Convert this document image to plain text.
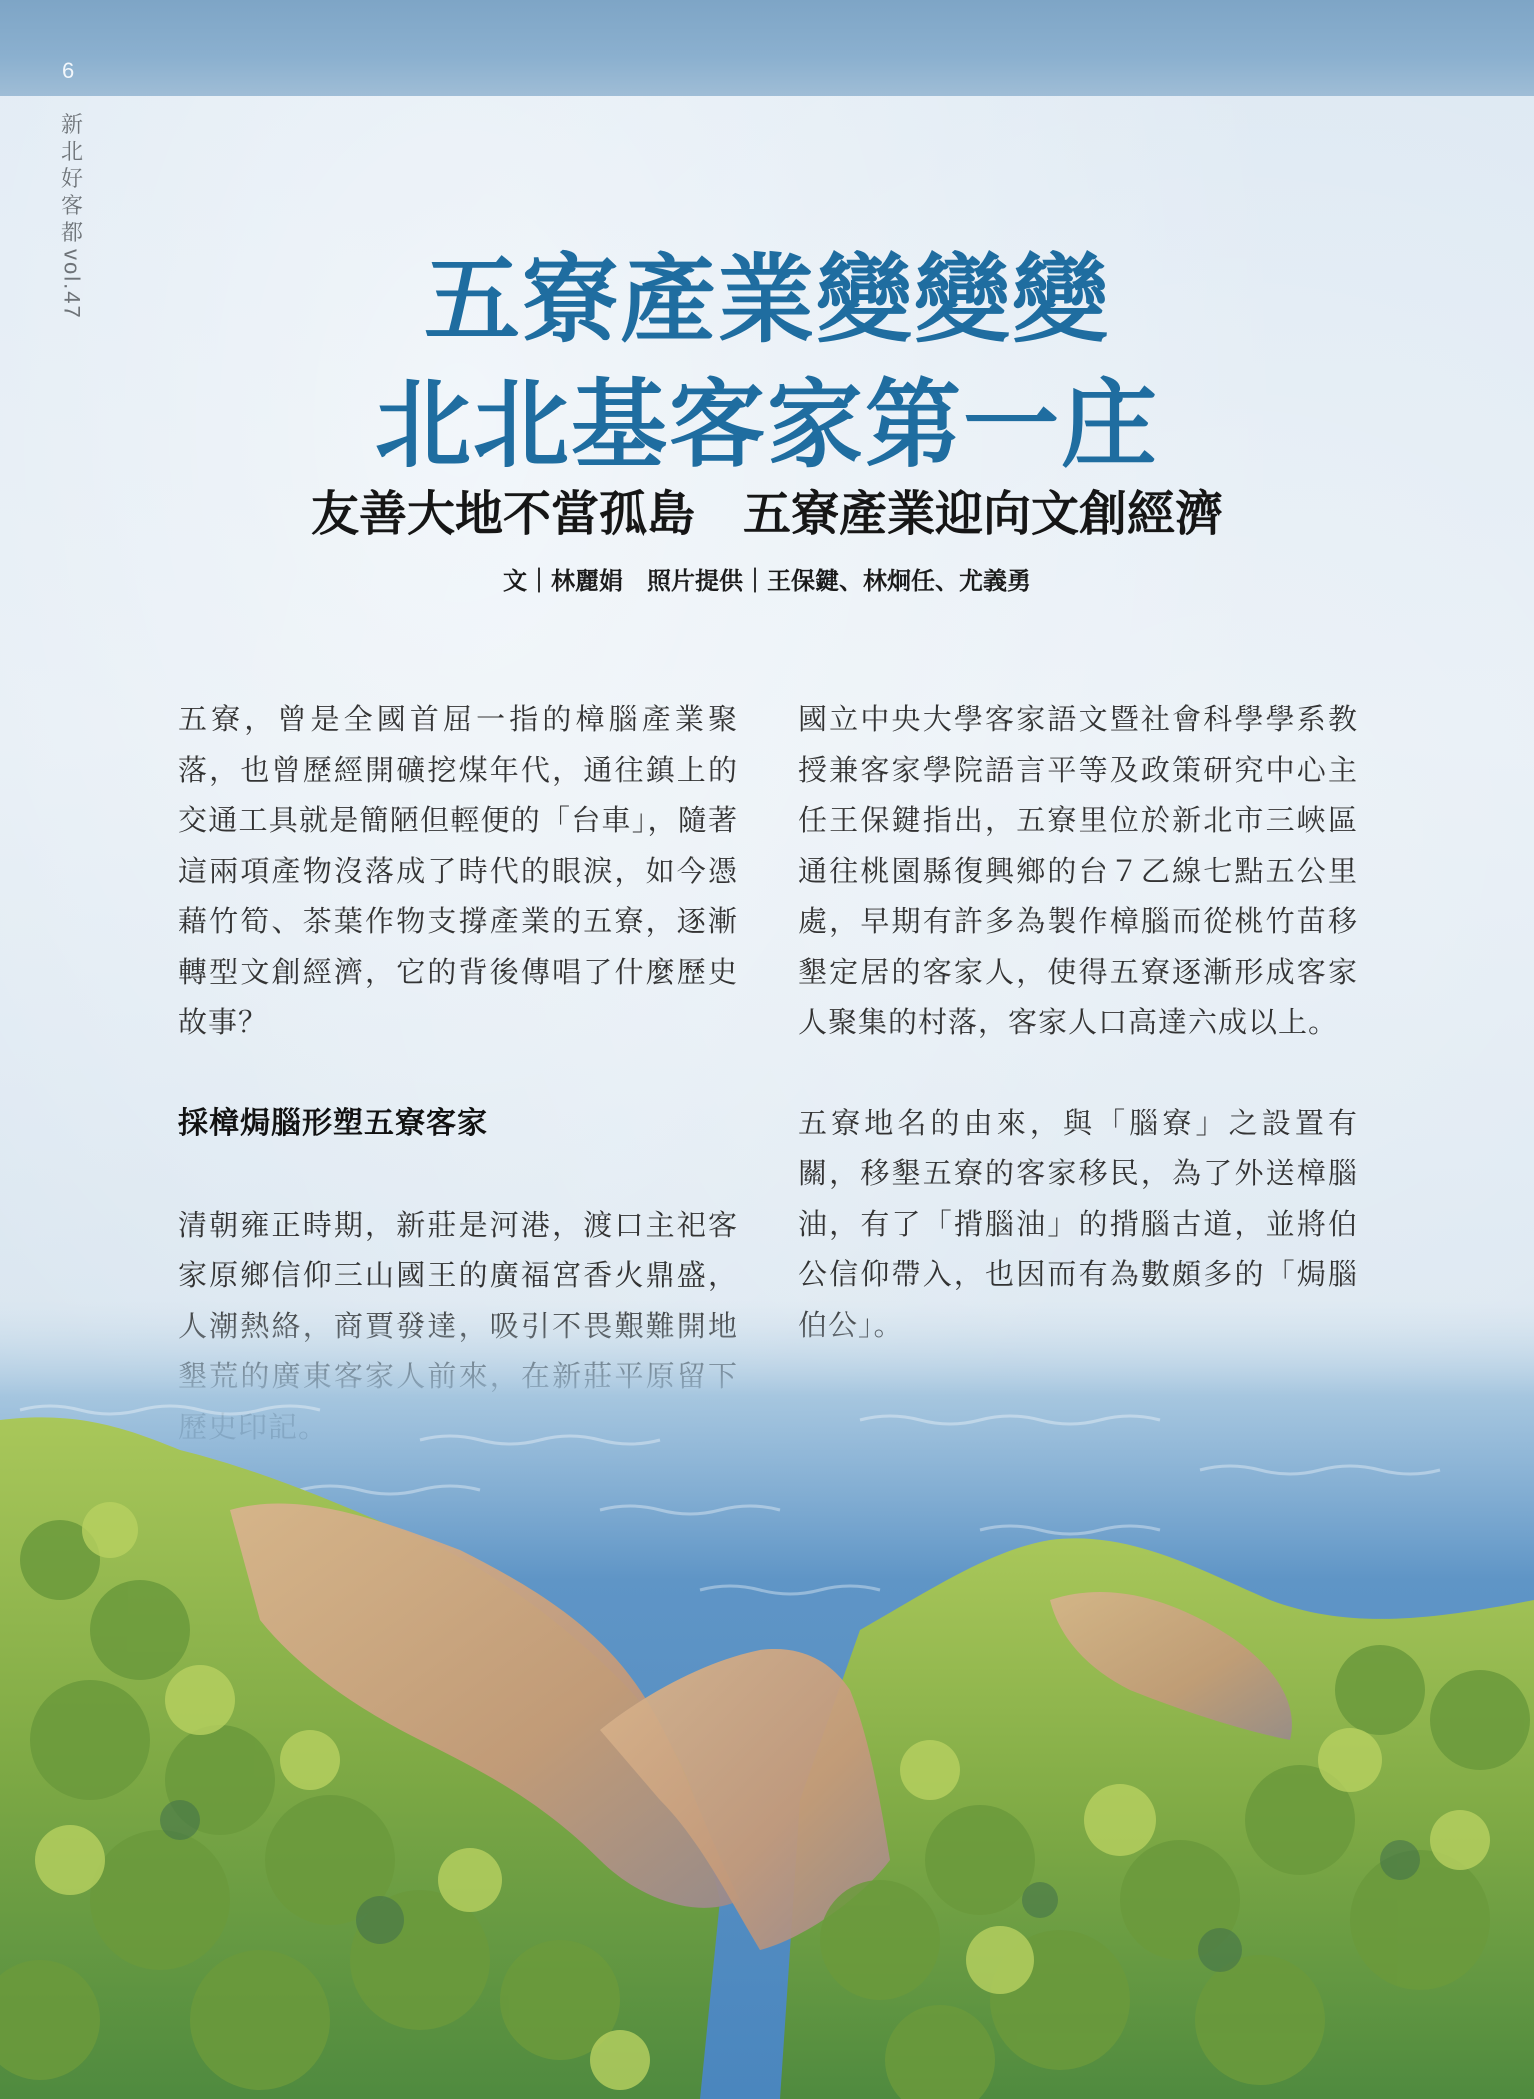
6
新北好客都
vol.47	五寮產業變變變
北北基客家第一庄
友善大地不當孤島　五寮產業迎向文創經濟
文｜林麗娟　照片提供｜王保鍵、林炯任、尤義勇

五寮，曾是全國首屈一指的樟腦產業聚落，也曾歷經開礦挖煤年代，通往鎮上的交通工具就是簡陋但輕便的「台車」，隨著這兩項產物沒落成了時代的眼淚，如今憑藉竹筍、茶葉作物支撐產業的五寮，逐漸轉型文創經濟，它的背後傳唱了什麼歷史故事？

採樟焗腦形塑五寮客家

清朝雍正時期，新莊是河港，渡口主祀客家原鄉信仰三山國王的廣福宮香火鼎盛，

國立中央大學客家語文暨社會科學學系教授兼客家學院語言平等及政策研究中心主任王保鍵指出，五寮里位於新北市三峽區通往桃園縣復興鄉的台７乙線七點五公里處，早期有許多為製作樟腦而從桃竹苗移墾定居的客家人，使得五寮逐漸形成客家人聚集的村落，客家人口高達六成以上。

五寮地名的由來，與「腦寮」之設置有關，移墾五寮的客家移民，為了外送樟腦油，有了「揹腦油」的揹腦古道，並將伯公信仰帶入，也因而有為數頗多的「焗腦
